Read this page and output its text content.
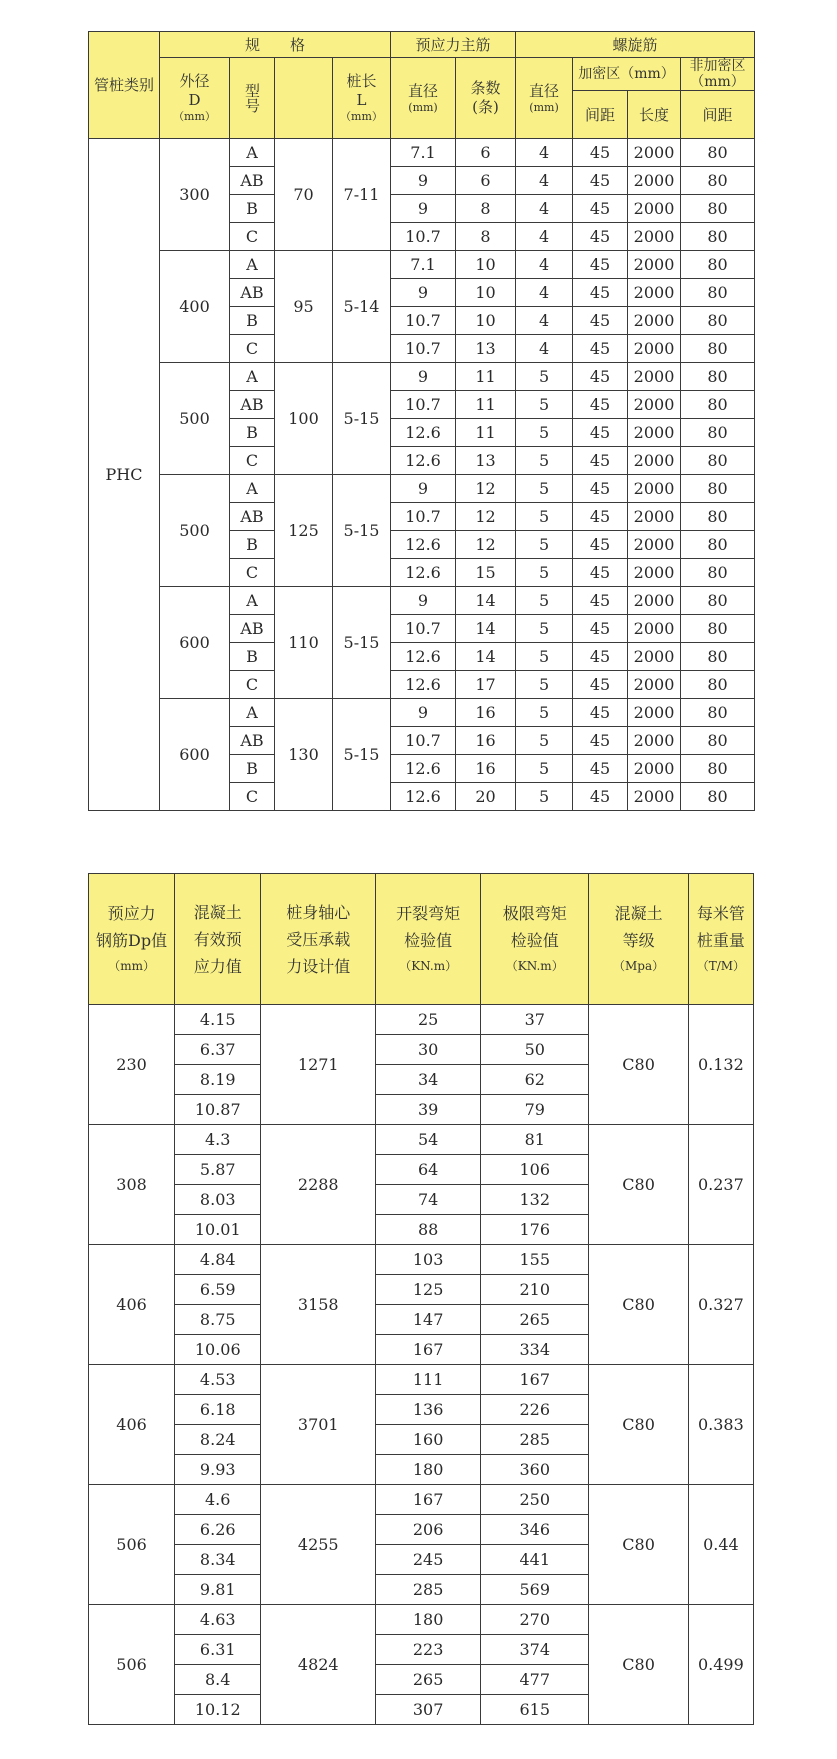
管桩类别	规　　格				预应力主筋		螺旋筋			

	外径
D
（mm）	型号		桩长
L
（mm）	直径
(mm)	条数
(条)	直径
(mm)	加密区（mm）		非加密区（mm）
								间距	长度	间距
PHC	300	A	70	7-11	7.1	6	4	45	2000	80
		AB			9	6	4	45	2000	80
		B			9	8	4	45	2000	80
		C			10.7	8	4	45	2000	80
	400	A	95	5-14	7.1	10	4	45	2000	80
		AB			9	10	4	45	2000	80
		B			10.7	10	4	45	2000	80
		C			10.7	13	4	45	2000	80
	500	A	100	5-15	9	11	5	45	2000	80
		AB			10.7	11	5	45	2000	80
		B			12.6	11	5	45	2000	80
		C			12.6	13	5	45	2000	80
	500	A	125	5-15	9	12	5	45	2000	80
		AB			10.7	12	5	45	2000	80
		B			12.6	12	5	45	2000	80
		C			12.6	15	5	45	2000	80
	600	A	110	5-15	9	14	5	45	2000	80
		AB			10.7	14	5	45	2000	80
		B			12.6	14	5	45	2000	80
		C			12.6	17	5	45	2000	80
	600	A	130	5-15	9	16	5	45	2000	80
		AB			10.7	16	5	45	2000	80
		B			12.6	16	5	45	2000	80
		C			12.6	20	5	45	2000	80
预应力
钢筋Dp值
（mm）	混凝土
有效预
应力值	桩身轴心
受压承载
力设计值	开裂弯矩
检验值
（KN.m）	极限弯矩
检验值
（KN.m）	混凝土
等级
（Mpa）	每米管
桩重量
（T/M）

230	4.15	1271	25	37	C80	0.132
	6.37		30	50		
	8.19		34	62		
	10.87		39	79		
308	4.3	2288	54	81	C80	0.237
	5.87		64	106		
	8.03		74	132		
	10.01		88	176		
406	4.84	3158	103	155	C80	0.327
	6.59		125	210		
	8.75		147	265		
	10.06		167	334		
406	4.53	3701	111	167	C80	0.383
	6.18		136	226		
	8.24		160	285		
	9.93		180	360		
506	4.6	4255	167	250	C80	0.44
	6.26		206	346		
	8.34		245	441		
	9.81		285	569		
506	4.63	4824	180	270	C80	0.499
	6.31		223	374		
	8.4		265	477		
	10.12		307	615		
